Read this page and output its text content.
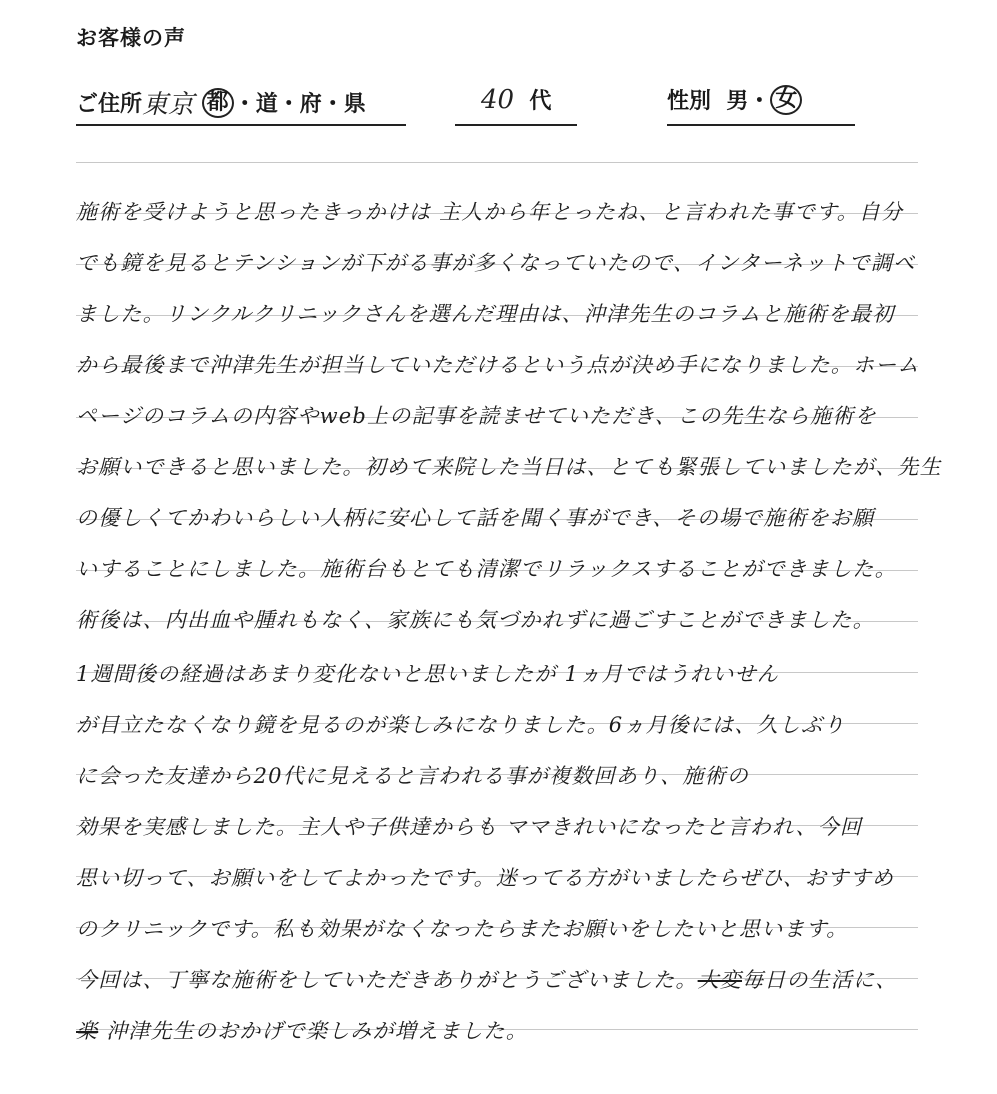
お客様の声
ご住所東京 都 ・道・府・県	40 代	性別 男・ 女
施術を受けようと思ったきっかけは 主人から年とったね、と言われた事です。自分
でも鏡を見るとテンションが下がる事が多くなっていたので、インターネットで調べ
ました。リンクルクリニックさんを選んだ理由は、沖津先生のコラムと施術を最初
から最後まで沖津先生が担当していただけるという点が決め手になりました。ホーム
ページのコラムの内容やweb上の記事を読ませていただき、この先生なら施術を
お願いできると思いました。初めて来院した当日は、とても緊張していましたが、先生
の優しくてかわいらしい人柄に安心して話を聞く事ができ、その場で施術をお願
いすることにしました。施術台もとても清潔でリラックスすることができました。
術後は、内出血や腫れもなく、家族にも気づかれずに過ごすことができました。
1週間後の経過はあまり変化ないと思いましたが 1ヵ月ではうれいせん
が目立たなくなり鏡を見るのが楽しみになりました。6ヵ月後には、久しぶり
に会った友達から20代に見えると言われる事が複数回あり、施術の
効果を実感しました。主人や子供達からも ママきれいになったと言われ、今回
思い切って、お願いをしてよかったです。迷ってる方がいましたらぜひ、おすすめ
のクリニックです。私も効果がなくなったらまたお願いをしたいと思います。
今回は、丁寧な施術をしていただきありがとうございました。大変毎日の生活に、
楽 沖津先生のおかげで楽しみが増えました。
